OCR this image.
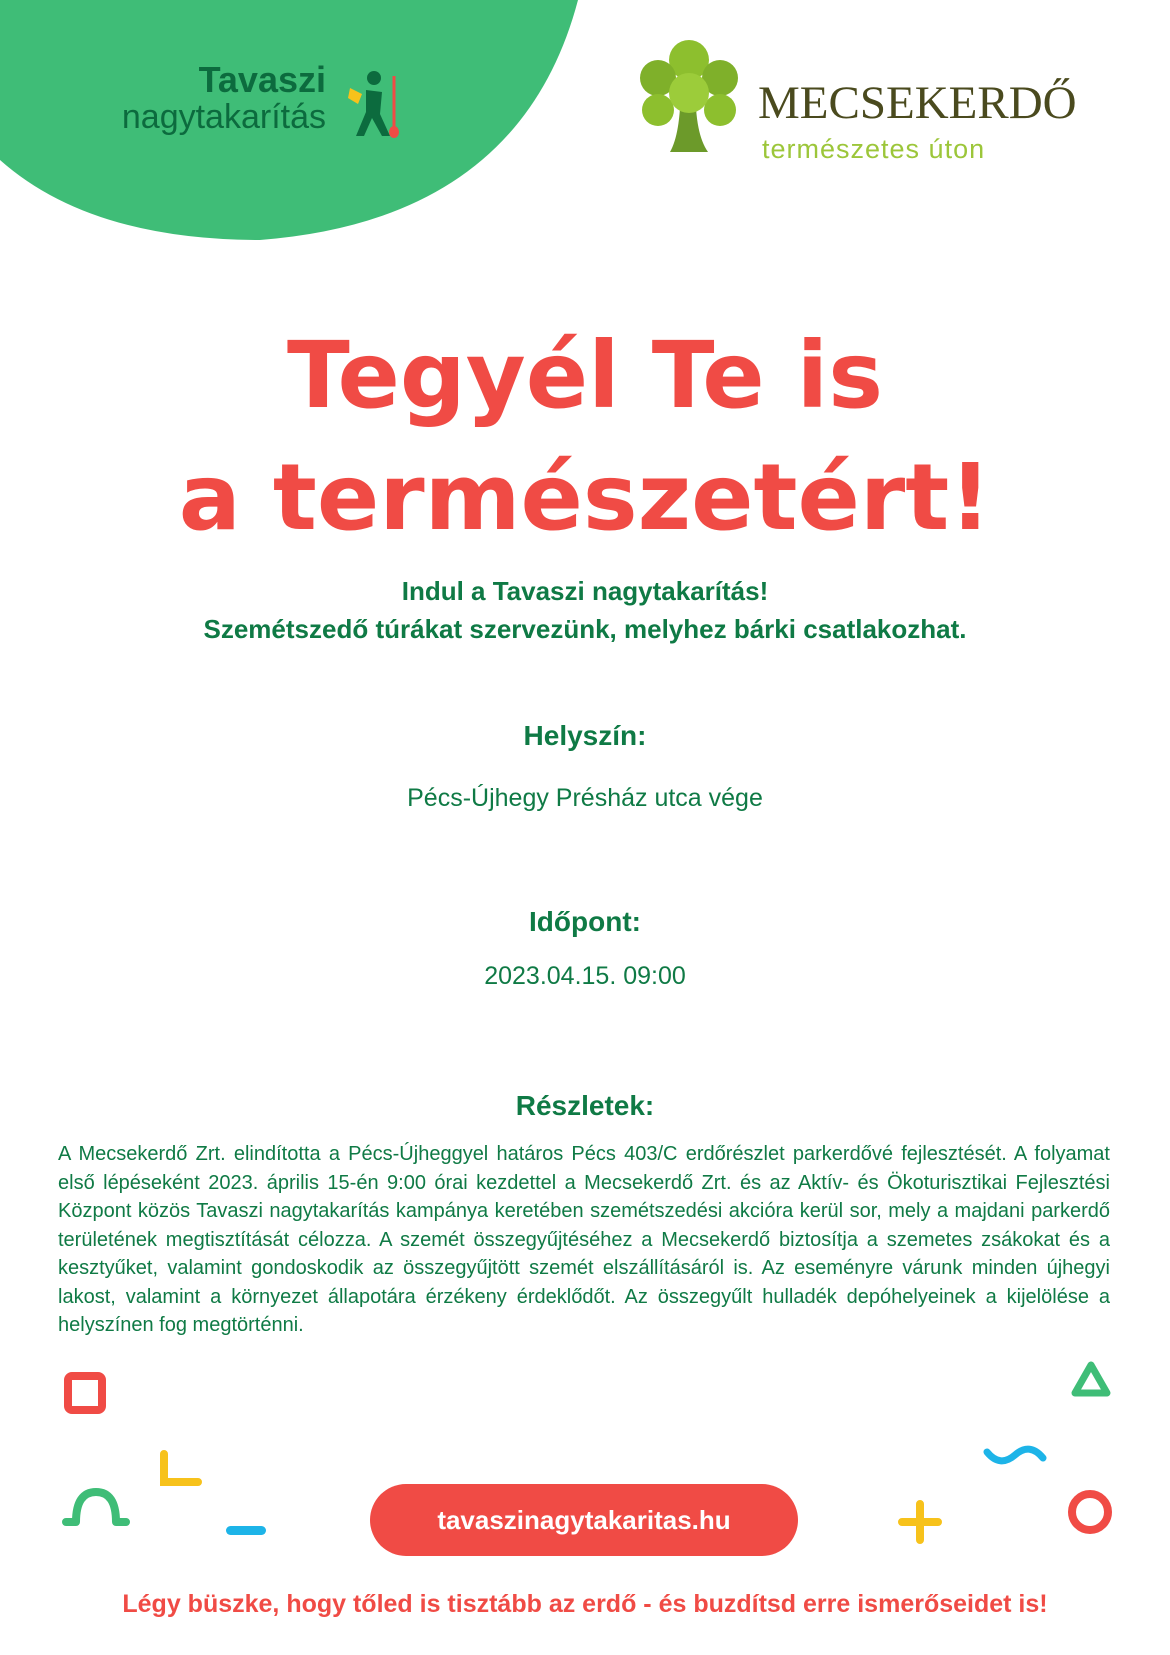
Tavaszi
nagytakarítás	MECSEKERDŐ
természetes úton
Tegyél Te is
a természetért!
Indul a Tavaszi nagytakarítás!
Szemétszedő túrákat szervezünk, melyhez bárki csatlakozhat.
Helyszín:
Pécs-Újhegy Présház utca vége
Időpont:
2023.04.15. 09:00
Részletek:
A Mecsekerdő Zrt. elindította a Pécs-Újheggyel határos Pécs 403/C erdőrészlet parkerdővé fejlesztését. A folyamat első lépéseként 2023. április 15-én 9:00 órai kezdettel a Mecsekerdő Zrt. és az Aktív- és Ökoturisztikai Fejlesztési Központ közös Tavaszi nagytakarítás kampánya keretében szemétszedési akcióra kerül sor, mely a majdani parkerdő területének megtisztítását célozza. A szemét összegyűjtéséhez a Mecsekerdő biztosítja a szemetes zsákokat és a kesztyűket, valamint gondoskodik az összegyűjtött szemét elszállításáról is. Az eseményre várunk minden újhegyi lakost, valamint a környezet állapotára érzékeny érdeklődőt. Az összegyűlt hulladék depóhelyeinek a kijelölése a helyszínen fog megtörténni.
tavaszinagytakaritas.hu
Légy büszke, hogy tőled is tisztább az erdő - és buzdítsd erre ismerőseidet is!
